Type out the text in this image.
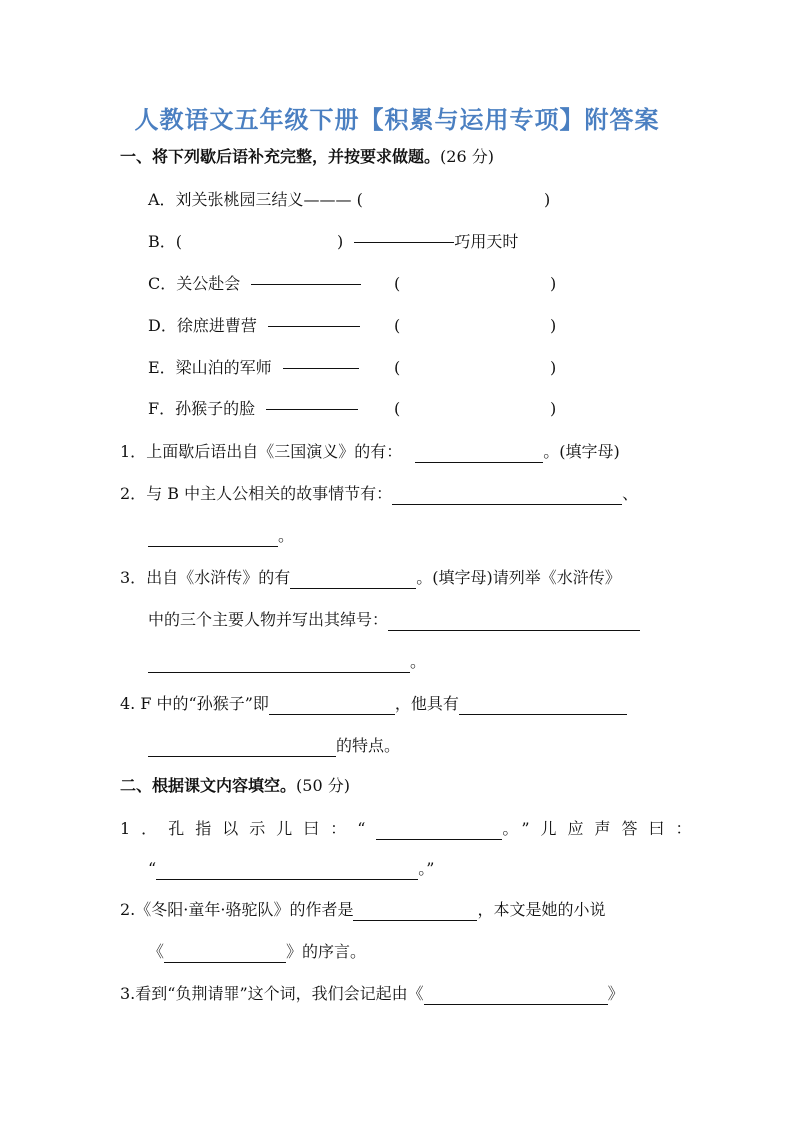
人教语文五年级下册【积累与运用专项】附答案
一、将下列歇后语补充完整，并按要求做题。(26 分)
A．刘关张桃园三结义——— (	)
B．(	)	巧用天时
C．关公赴会	(	)
D．徐庶进曹营	(	)
E．梁山泊的军师	(	)
F．孙猴子的脸	(	)
1．上面歇后语出自《三国演义》的有：	。(填字母)
2．与 B 中主人公相关的故事情节有：	、
。
3．出自《水浒传》的有	。(填字母)请列举《水浒传》
中的三个主要人物并写出其绰号：
。
4. F 中的“孙猴子”即	，他具有
的特点。
二、根据课文内容填空。(50 分)
1．孔指以示儿曰：“	。”儿应声答曰：
“	。”
2.《冬阳·童年·骆驼队》的作者是	，本文是她的小说
《	》的序言。
3.看到“负荆请罪”这个词，我们会记起由《	》
